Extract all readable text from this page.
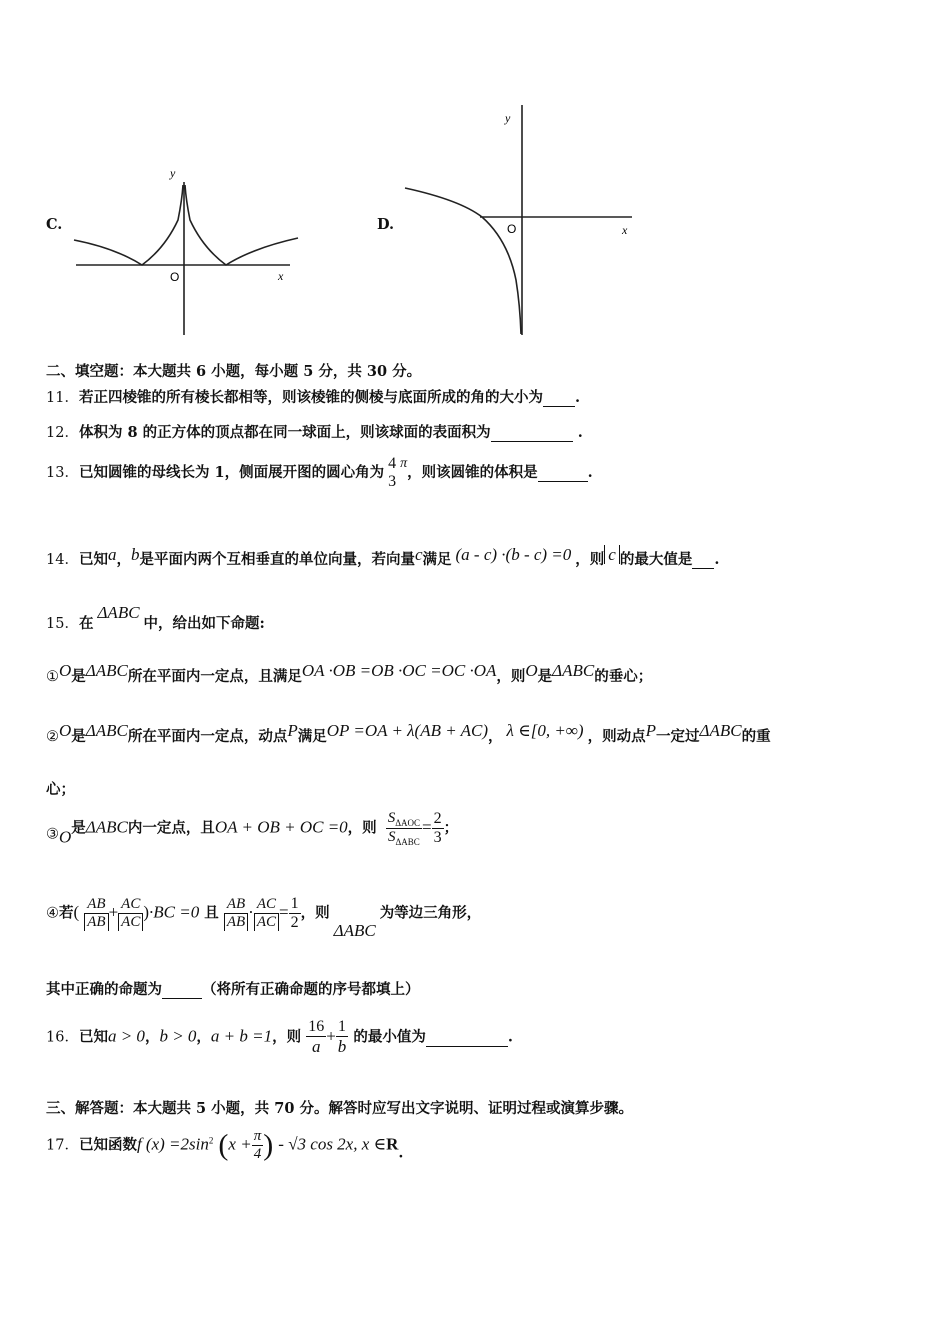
C.
y
x
O
D.
y
x
O
二、填空题：本大题共 6 小题，每小题 5 分，共 30 分。
11．若正四棱锥的所有棱长都相等，则该棱锥的侧棱与底面所成的角的大小为 .
12．体积为 8 的正方体的顶点都在同一球面上，则该球面的表面积为	.
13．已知圆锥的母线长为 1，侧面展开图的圆心角为
4
3
π，则该圆锥的体积是	.
14．已知a，b是平面内两个互相垂直的单位向量，若向量c满足 (a - c) ·(b - c) =0 ，则 c 的最大值是 .
15．在ΔABC中，给出如下命题:
①O是ΔABC所在平面内一定点，且满足OA ·OB =OB ·OC =OC ·OA，则O是ΔABC的垂心；
②O是ΔABC所在平面内一定点，动点P满足OP =OA + λ(AB + AC)， λ ∈[0, +∞) ，则动点P一定过ΔABC的重
心；
③O是ΔABC内一定点，且OA + OB + OC =0，则 $\frac{S_{\Delta AOC}}{S_{\Delta ABC}} = \frac{2}{3}$ ；
④若( $\frac{AB}{AB} + \frac{AC}{AC} )\cdot BC =0$ 且 $\frac{AB}{AB} \cdot \frac{AC}{AC} = \frac{1}{2}$ ，则ΔABC为等边三角形，
其中正确的命题为	（将所有正确命题的序号都填上）
16．已知a > 0，b > 0，a + b =1，则 $\frac{16}{a} + \frac{1}{b}$ 的最小值为	.
三、解答题：本大题共 5 小题，共 70 分。解答时应写出文字说明、证明过程或演算步骤。
17．已知函数f $(x) =2\sin^2$ ($x + \frac{\pi}{4}$ ) - √3 cos 2x, x ∈R.
